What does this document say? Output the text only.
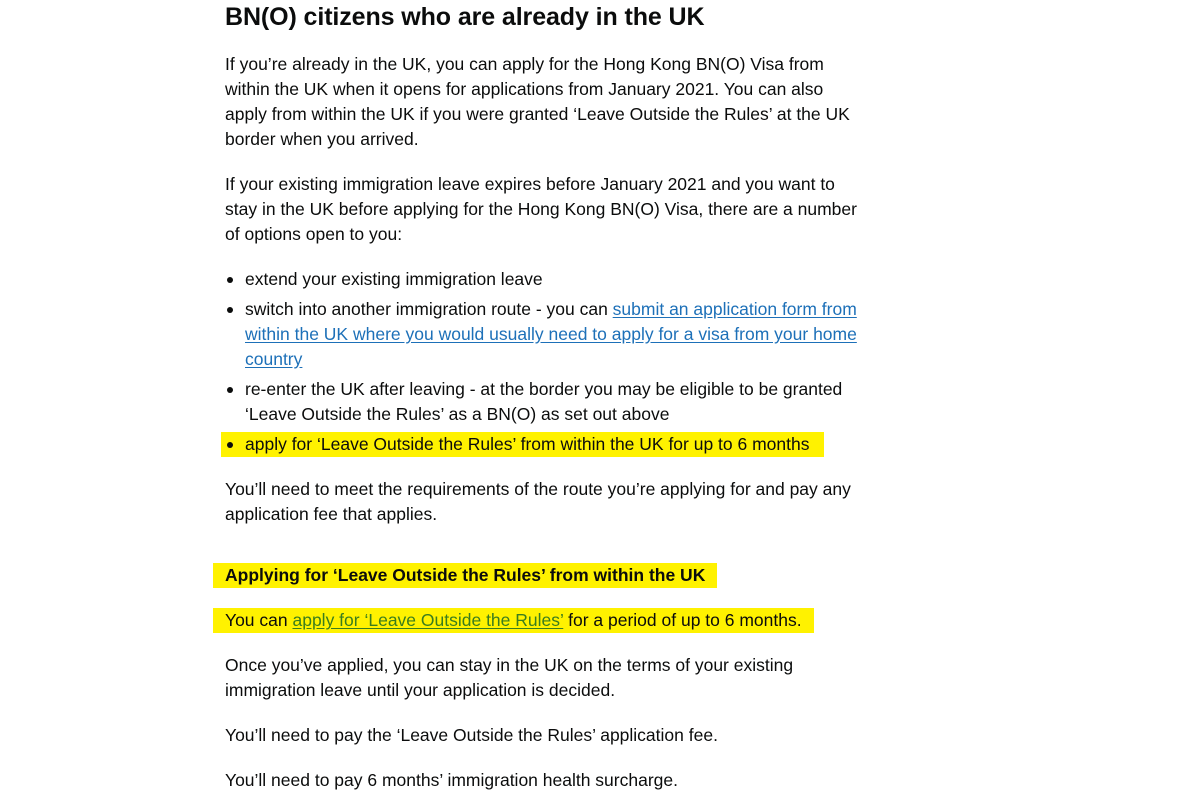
BN(O) citizens who are already in the UK

If you’re already in the UK, you can apply for the Hong Kong BN(O) Visa from within the UK when it opens for applications from January 2021. You can also apply from within the UK if you were granted ‘Leave Outside the Rules’ at the UK border when you arrived.

If your existing immigration leave expires before January 2021 and you want to stay in the UK before applying for the Hong Kong BN(O) Visa, there are a number of options open to you:

extend your existing immigration leave
switch into another immigration route - you can submit an application form from within the UK where you would usually need to apply for a visa from your home country
re-enter the UK after leaving - at the border you may be eligible to be granted ‘Leave Outside the Rules’ as a BN(O) as set out above
apply for ‘Leave Outside the Rules’ from within the UK for up to 6 months

You’ll need to meet the requirements of the route you’re applying for and pay any application fee that applies.

Applying for ‘Leave Outside the Rules’ from within the UK

You can apply for ‘Leave Outside the Rules’ for a period of up to 6 months.

Once you’ve applied, you can stay in the UK on the terms of your existing immigration leave until your application is decided.

You’ll need to pay the ‘Leave Outside the Rules’ application fee.

You’ll need to pay 6 months’ immigration health surcharge.
